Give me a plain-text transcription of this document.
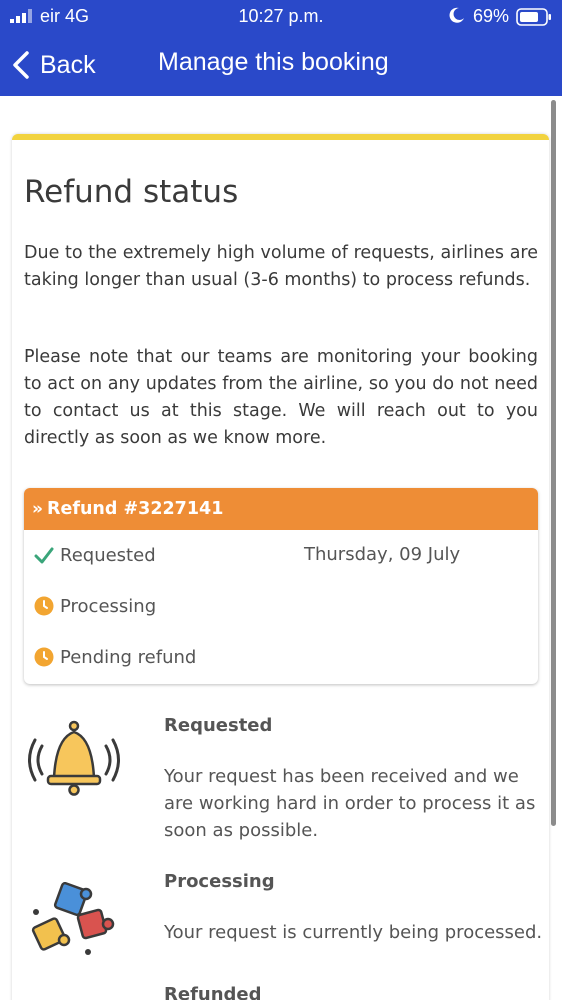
eir 4G	10:27 p.m.	69%
Back Manage this booking
Refund status

Due to the extremely high volume of requests, airlines are taking longer than usual (3-6 months) to process refunds.

Please note that our teams are monitoring your booking to act on any updates from the airline, so you do not need to contact us at this stage. We will reach out to you directly as soon as we know more.

» Refund #3227141
Requested	Thursday, 09 July
Processing
Pending refund
Requested
Your request has been received and we are working hard in order to process it as soon as possible.
Processing
Your request is currently being processed.
Refunded
